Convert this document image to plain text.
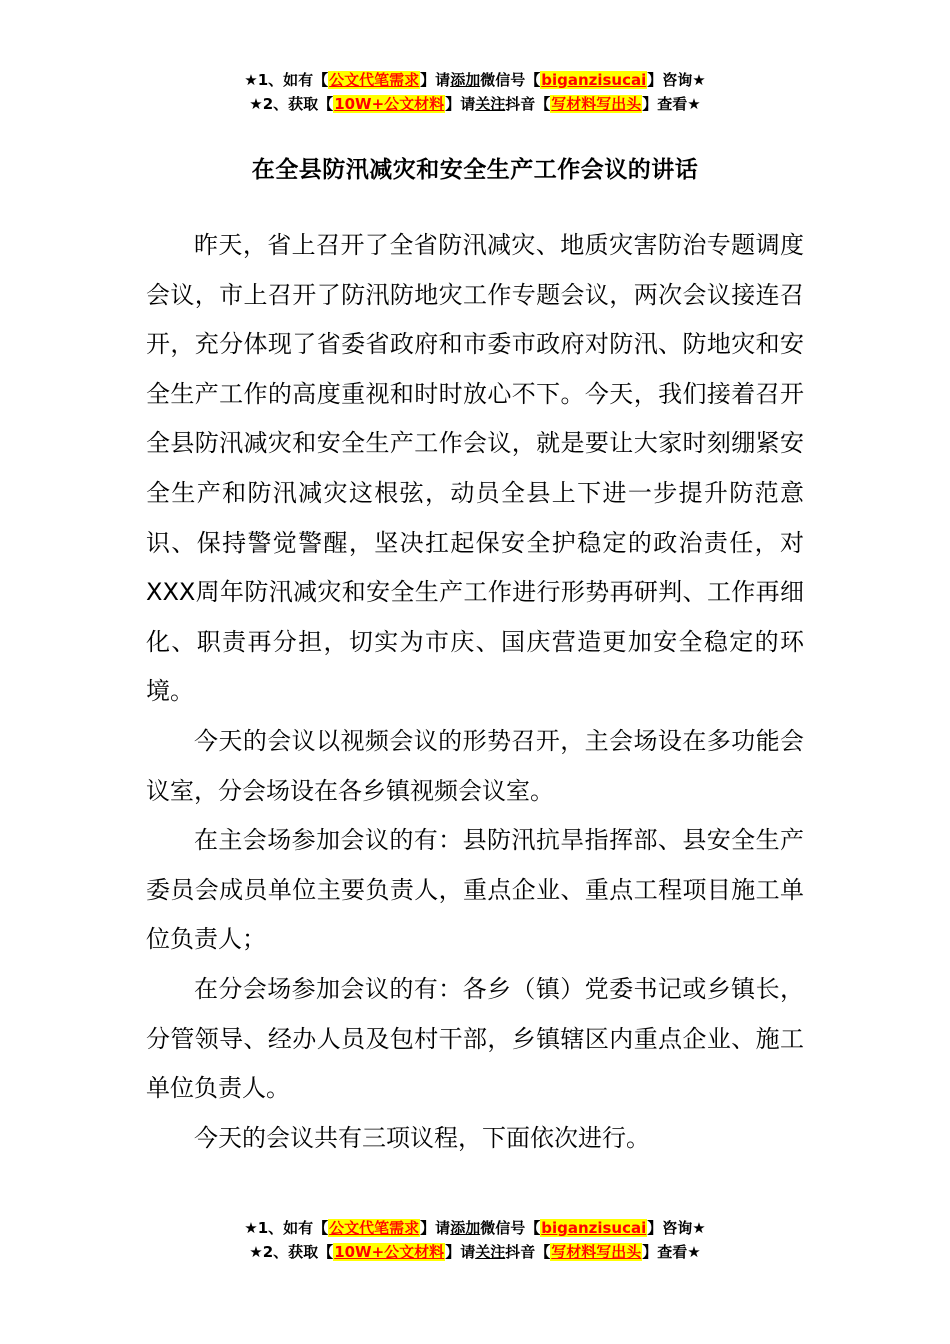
★1、如有【公文代笔需求】请添加微信号【biganzisucai】咨询★
★2、获取【10W+公文材料】请关注抖音【写材料写出头】查看★
在全县防汛减灾和安全生产工作会议的讲话

昨天，省上召开了全省防汛减灾、地质灾害防治专题调度会议，市上召开了防汛防地灾工作专题会议，两次会议接连召开，充分体现了省委省政府和市委市政府对防汛、防地灾和安全生产工作的高度重视和时时放心不下。今天，我们接着召开全县防汛减灾和安全生产工作会议，就是要让大家时刻绷紧安全生产和防汛减灾这根弦，动员全县上下进一步提升防范意识、保持警觉警醒，坚决扛起保安全护稳定的政治责任，对XXX周年防汛减灾和安全生产工作进行形势再研判、工作再细化、职责再分担，切实为市庆、国庆营造更加安全稳定的环境。

今天的会议以视频会议的形势召开，主会场设在多功能会议室，分会场设在各乡镇视频会议室。

在主会场参加会议的有：县防汛抗旱指挥部、县安全生产委员会成员单位主要负责人，重点企业、重点工程项目施工单位负责人；

在分会场参加会议的有：各乡（镇）党委书记或乡镇长，分管领导、经办人员及包村干部，乡镇辖区内重点企业、施工单位负责人。

今天的会议共有三项议程，下面依次进行。

★1、如有【公文代笔需求】请添加微信号【biganzisucai】咨询★
★2、获取【10W+公文材料】请关注抖音【写材料写出头】查看★
